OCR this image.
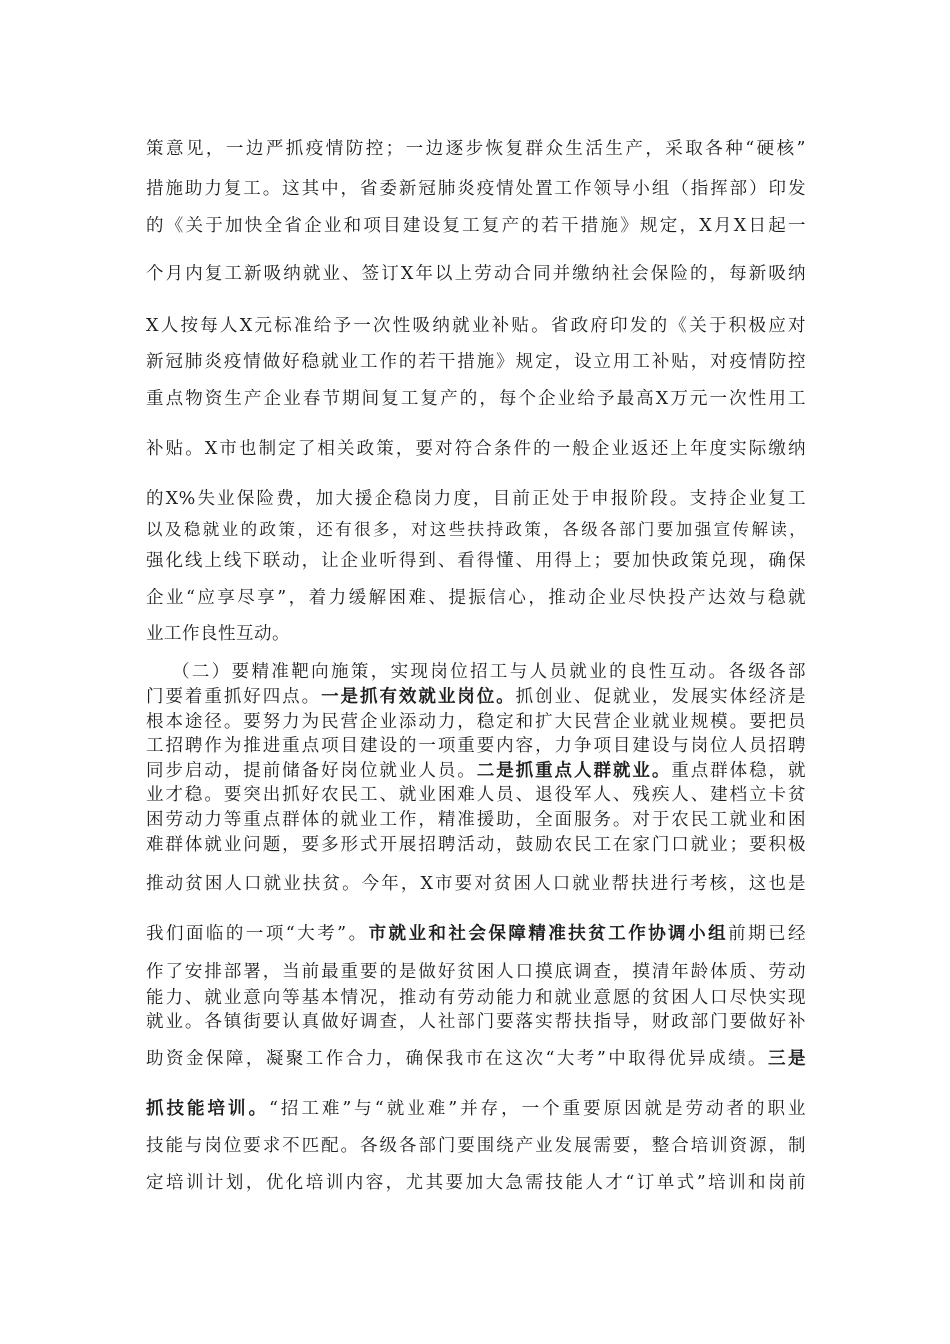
策意见，一边严抓疫情防控；一边逐步恢复群众生活生产，采取各种“硬核”
措施助力复工。这其中，省委新冠肺炎疫情处置工作领导小组（指挥部）印发
的《关于加快全省企业和项目建设复工复产的若干措施》规定，X月X日起一
个月内复工新吸纳就业、签订X年以上劳动合同并缴纳社会保险的，每新吸纳
X人按每人X元标准给予一次性吸纳就业补贴。省政府印发的《关于积极应对
新冠肺炎疫情做好稳就业工作的若干措施》规定，设立用工补贴，对疫情防控
重点物资生产企业春节期间复工复产的，每个企业给予最高X万元一次性用工
补贴。X市也制定了相关政策，要对符合条件的一般企业返还上年度实际缴纳
的X%失业保险费，加大援企稳岗力度，目前正处于申报阶段。支持企业复工
以及稳就业的政策，还有很多，对这些扶持政策，各级各部门要加强宣传解读，
强化线上线下联动，让企业听得到、看得懂、用得上；要加快政策兑现，确保
企业“应享尽享”，着力缓解困难、提振信心，推动企业尽快投产达效与稳就
业工作良性互动。
（二）要精准靶向施策，实现岗位招工与人员就业的良性互动。各级各部
门要着重抓好四点。一是抓有效就业岗位。抓创业、促就业，发展实体经济是
根本途径。要努力为民营企业添动力，稳定和扩大民营企业就业规模。要把员
工招聘作为推进重点项目建设的一项重要内容，力争项目建设与岗位人员招聘
同步启动，提前储备好岗位就业人员。二是抓重点人群就业。重点群体稳，就
业才稳。要突出抓好农民工、就业困难人员、退役军人、残疾人、建档立卡贫
困劳动力等重点群体的就业工作，精准援助，全面服务。对于农民工就业和困
难群体就业问题，要多形式开展招聘活动，鼓励农民工在家门口就业；要积极
推动贫困人口就业扶贫。今年，X市要对贫困人口就业帮扶进行考核，这也是
我们面临的一项“大考”。市就业和社会保障精准扶贫工作协调小组前期已经
作了安排部署，当前最重要的是做好贫困人口摸底调查，摸清年龄体质、劳动
能力、就业意向等基本情况，推动有劳动能力和就业意愿的贫困人口尽快实现
就业。各镇街要认真做好调查，人社部门要落实帮扶指导，财政部门要做好补
助资金保障，凝聚工作合力，确保我市在这次“大考”中取得优异成绩。三是
抓技能培训。“招工难”与“就业难”并存，一个重要原因就是劳动者的职业
技能与岗位要求不匹配。各级各部门要围绕产业发展需要，整合培训资源，制
定培训计划，优化培训内容，尤其要加大急需技能人才“订单式”培训和岗前
